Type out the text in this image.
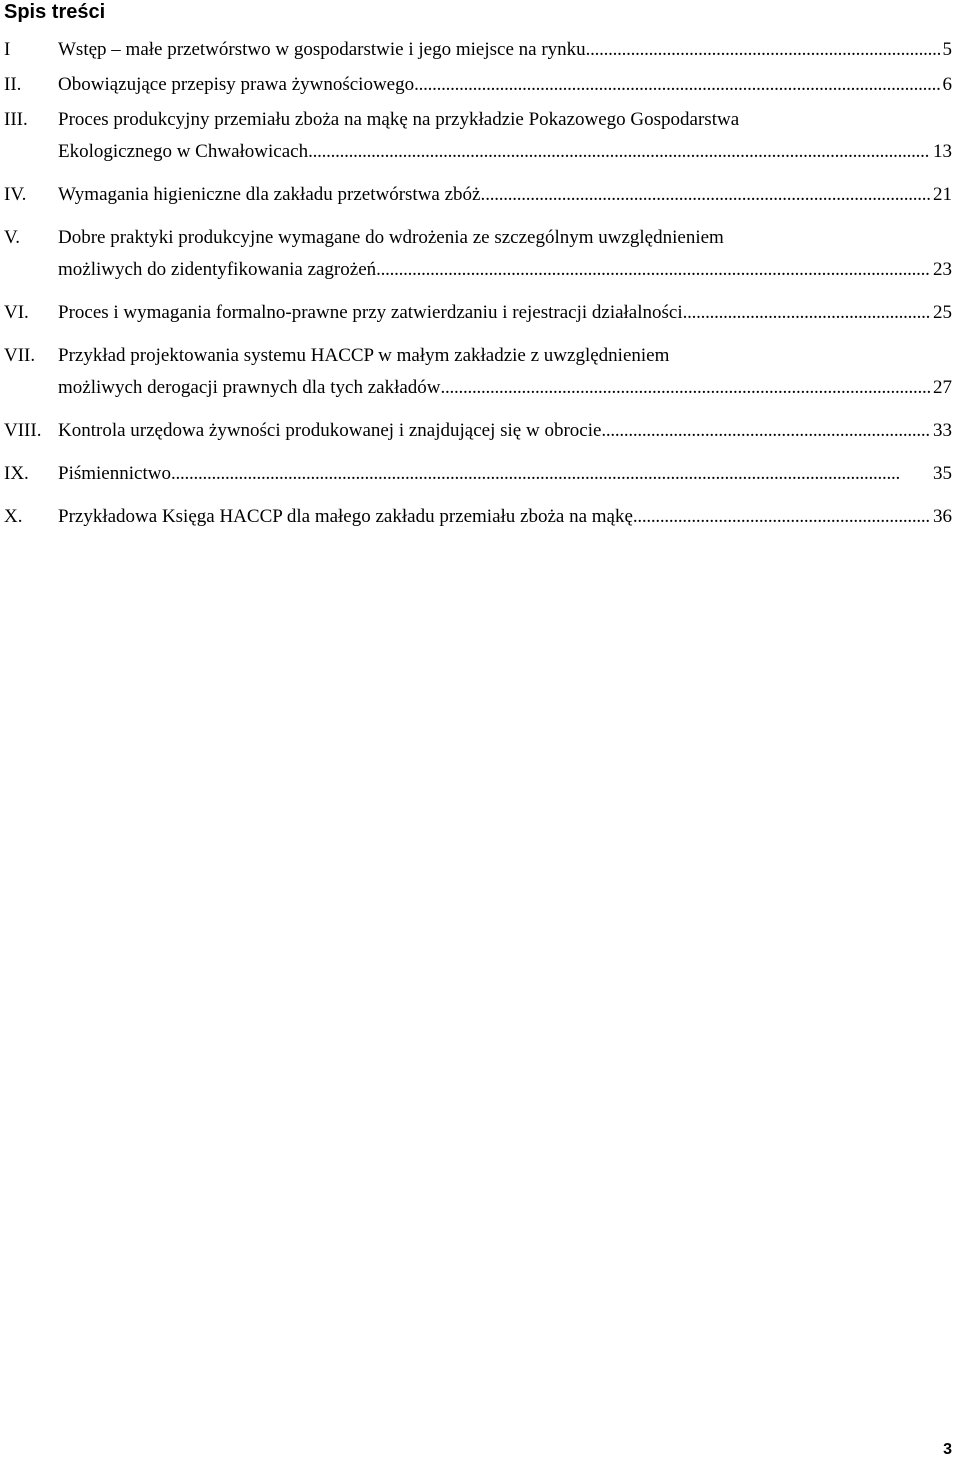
Spis treści
I	Wstęp – małe przetwórstwo w gospodarstwie i jego miejsce na rynku . . .	5
II.	Obowiązujące przepisy prawa żywnościowego . . .	6
III.	Proces produkcyjny przemiału zboża na mąkę na przykładzie Pokazowego Gospodarstwa
Ekologicznego w Chwałowicach . . .	13
IV.	Wymagania higieniczne dla zakładu przetwórstwa zbóż. . . .	21
V.	Dobre praktyki produkcyjne wymagane do wdrożenia ze szczególnym uwzględnieniem
możliwych do zidentyfikowania zagrożeń . . .	23
VI.	Proces i wymagania formalno-prawne przy zatwierdzaniu i rejestracji działalności . . .	25
VII.	Przykład projektowania systemu HACCP w małym zakładzie z uwzględnieniem
możliwych derogacji prawnych dla tych zakładów . . .	27
VIII. Kontrola urzędowa żywności produkowanej i znajdującej się w obrocie . . .	33
IX.	Piśmiennictwo . . .	35
X.	Przykładowa Księga HACCP dla małego zakładu przemiału zboża na mąkę . . .	36
3
